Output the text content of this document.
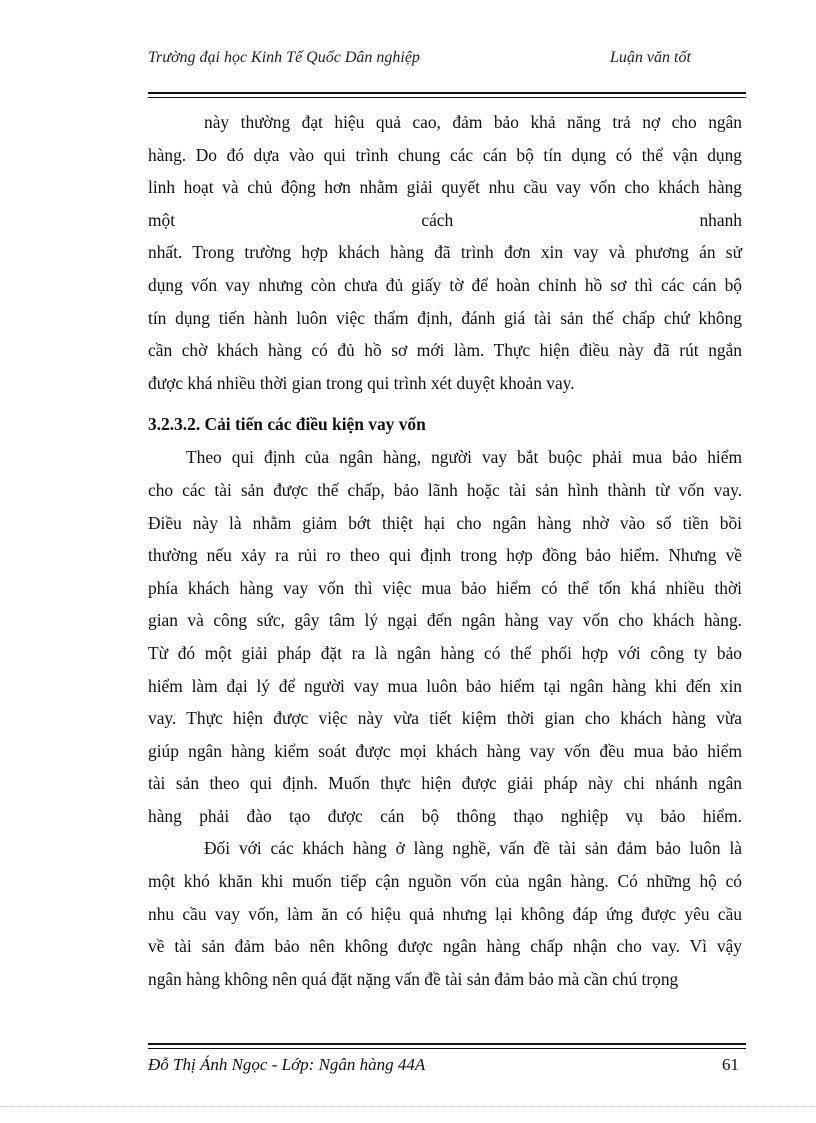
Trường đại học Kinh Tế Quốc Dân nghiệp	Luận văn tốt
này thường đạt hiệu quả cao, đảm bảo khả năng trả nợ cho ngân
hàng. Do đó dựa vào qui trình chung các cán bộ tín dụng có thể vận dụng
linh hoạt và chủ động hơn nhằm giải quyết nhu cầu vay vốn cho khách hàng
một	cách	nhanh
nhất. Trong trường hợp khách hàng đã trình đơn xin vay và phương án sử
dụng vốn vay nhưng còn chưa đủ giấy tờ để hoàn chỉnh hồ sơ thì các cán bộ
tín dụng tiến hành luôn việc thẩm định, đánh giá tài sản thế chấp chứ không
cần chờ khách hàng có đủ hồ sơ mới làm. Thực hiện điều này đã rút ngắn
được khá nhiều thời gian trong qui trình xét duyệt khoản vay.
3.2.3.2. Cải tiến các điều kiện vay vốn
Theo qui định của ngân hàng, người vay bắt buộc phải mua bảo hiểm
cho các tài sản được thế chấp, bảo lãnh hoặc tài sản hình thành từ vốn vay.
Điều này là nhằm giảm bớt thiệt hại cho ngân hàng nhờ vào số tiền bồi
thường nếu xảy ra rủi ro theo qui định trong hợp đồng bảo hiểm. Nhưng về
phía khách hàng vay vốn thì việc mua bảo hiểm có thể tốn khá nhiều thời
gian và công sức, gây tâm lý ngại đến ngân hàng vay vốn cho khách hàng.
Từ đó một giải pháp đặt ra là ngân hàng có thể phối hợp với công ty bảo
hiểm làm đại lý để người vay mua luôn bảo hiểm tại ngân hàng khi đến xin
vay. Thực hiện được việc này vừa tiết kiệm thời gian cho khách hàng vừa
giúp ngân hàng kiểm soát được mọi khách hàng vay vốn đều mua bảo hiểm
tài sản theo qui định. Muốn thực hiện được giải pháp này chi nhánh ngân
hàng phải đào tạo được cán bộ thông thạo nghiệp vụ bảo hiểm.
Đối với các khách hàng ở làng nghề, vấn đề tài sản đảm bảo luôn là
một khó khăn khi muốn tiếp cận nguồn vốn của ngân hàng. Có những hộ có
nhu cầu vay vốn, làm ăn có hiệu quả nhưng lại không đáp ứng được yêu cầu
về tài sản đảm bảo nên không được ngân hàng chấp nhận cho vay. Vì vậy
ngân hàng không nên quá đặt nặng vấn đề tài sản đảm bảo mà cần chú trọng
Đỗ Thị Ánh Ngọc - Lớp: Ngân hàng 44A	61
